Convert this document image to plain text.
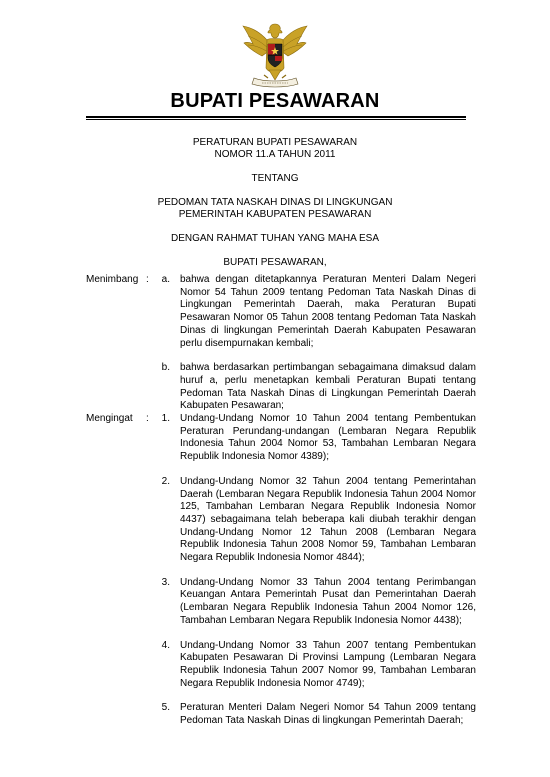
BUPATI PESAWARAN
PERATURAN BUPATI PESAWARAN
NOMOR 11.A TAHUN 2011
TENTANG
PEDOMAN TATA NASKAH DINAS DI LINGKUNGAN
PEMERINTAH KABUPATEN PESAWARAN
DENGAN RAHMAT TUHAN YANG MAHA ESA
BUPATI PESAWARAN,
Menimbang :	a.	bahwa dengan ditetapkannya Peraturan Menteri Dalam Negeri Nomor 54 Tahun 2009 tentang Pedoman Tata Naskah Dinas di Lingkungan Pemerintah Daerah, maka Peraturan Bupati Pesawaran Nomor 05 Tahun 2008 tentang Pedoman Tata Naskah Dinas di lingkungan Pemerintah Daerah Kabupaten Pesawaran perlu disempurnakan kembali;
b.	bahwa berdasarkan pertimbangan sebagaimana dimaksud dalam huruf a, perlu menetapkan kembali Peraturan Bupati tentang Pedoman Tata Naskah Dinas di Lingkungan Pemerintah Daerah Kabupaten Pesawaran;
Mengingat	:	1.	Undang-Undang Nomor 10 Tahun 2004 tentang Pembentukan Peraturan Perundang-undangan (Lembaran Negara Republik Indonesia Tahun 2004 Nomor 53, Tambahan Lembaran Negara Republik Indonesia Nomor 4389);
2.	Undang-Undang Nomor 32 Tahun 2004 tentang Pemerintahan Daerah (Lembaran Negara Republik Indonesia Tahun 2004 Nomor 125, Tambahan Lembaran Negara Republik Indonesia Nomor 4437) sebagaimana telah beberapa kali diubah terakhir dengan Undang-Undang Nomor 12 Tahun 2008 (Lembaran Negara Republik Indonesia Tahun 2008 Nomor 59, Tambahan Lembaran Negara Republik Indonesia Nomor 4844);
3.	Undang-Undang Nomor 33 Tahun 2004 tentang Perimbangan Keuangan Antara Pemerintah Pusat dan Pemerintahan Daerah (Lembaran Negara Republik Indonesia Tahun 2004 Nomor 126, Tambahan Lembaran Negara Republik Indonesia Nomor 4438);
4.	Undang-Undang Nomor 33 Tahun 2007 tentang Pembentukan Kabupaten Pesawaran Di Provinsi Lampung (Lembaran Negara Republik Indonesia Tahun 2007 Nomor 99, Tambahan Lembaran Negara Republik Indonesia Nomor 4749);
5.	Peraturan Menteri Dalam Negeri Nomor 54 Tahun 2009 tentang Pedoman Tata Naskah Dinas di lingkungan Pemerintah Daerah;
